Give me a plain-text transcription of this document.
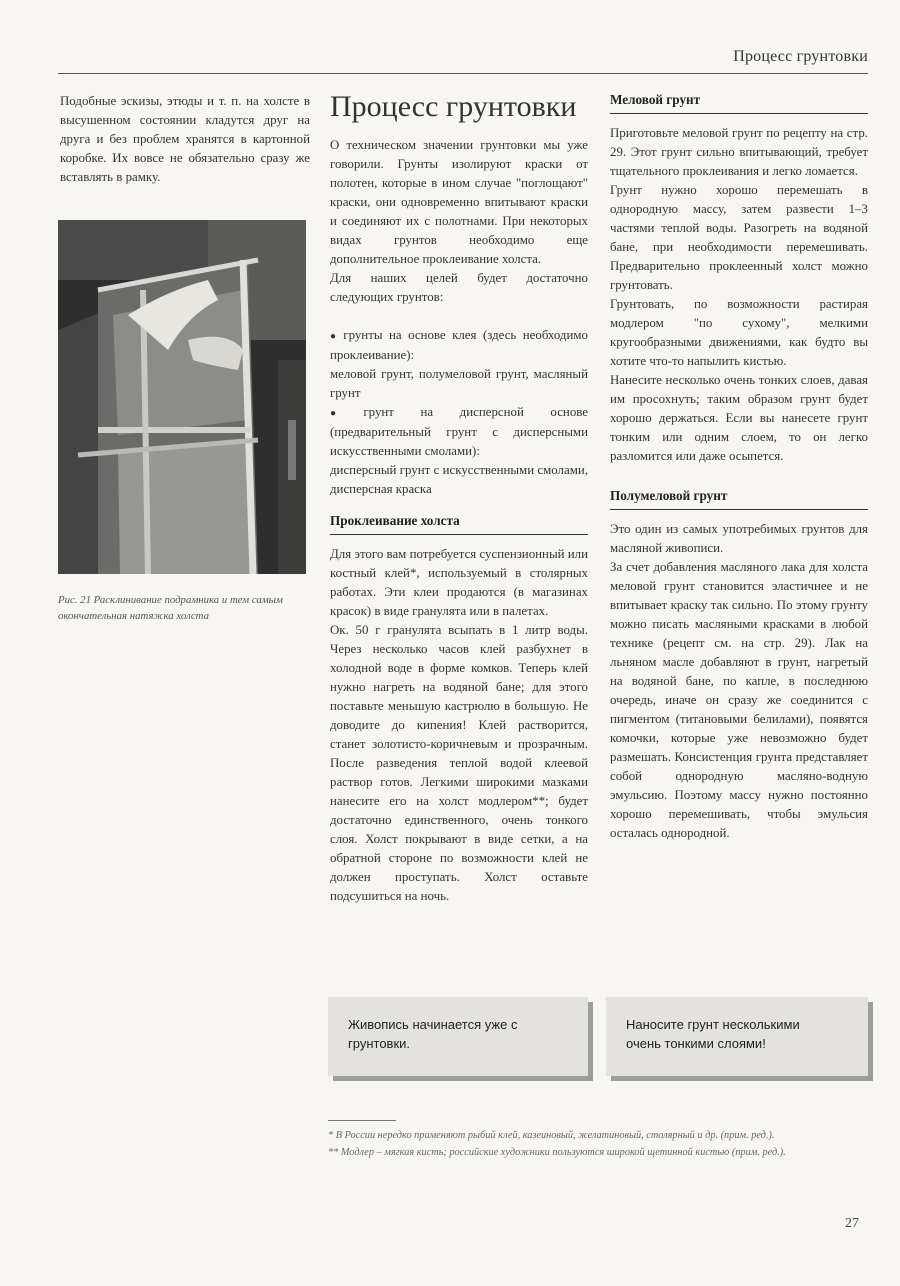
Процесс грунтовки

Подобные эскизы, этюды и т. п. на холсте в высушенном состоянии кладутся друг на друга и без проблем хранятся в картонной коробке. Их вовсе не обязательно сразу же вставлять в рамку.

Рис. 21 Расклинивание подрамника и тем самым окончательная натяжка холста
Процесс грунтовки

О техническом значении грунтовки мы уже говорили. Грунты изолируют краски от полотен, которые в ином случае "поглощают" краски, они одновременно впитывают краски и соединяют их с полотнами. При некоторых видах грунтов необходимо еще дополнительное проклеивание холста.

Для наших целей будет достаточно следующих грунтов:

● грунты на основе клея (здесь необходимо проклеивание):

меловой грунт, полумеловой грунт, масляный грунт

● грунт на дисперсной основе (предварительный грунт с дисперсными искусственными смолами):

дисперсный грунт с искусственными смолами, дисперсная краска

Проклеивание холста

Для этого вам потребуется суспензионный или костный клей*, используемый в столярных работах. Эти клеи продаются (в магазинах красок) в виде гранулята или в палетах.

Ок. 50 г гранулята всыпать в 1 литр воды. Через несколько часов клей разбухнет в холодной воде в форме комков. Теперь клей нужно нагреть на водяной бане; для этого поставьте меньшую кастрюлю в большую. Не доводите до кипения! Клей растворится, станет золотисто-коричневым и прозрачным. После разведения теплой водой клеевой раствор готов. Легкими широкими мазками нанесите его на холст модлером**; будет достаточно единственного, очень тонкого слоя. Холст покрывают в виде сетки, а на обратной стороне по возможности клей не должен проступать. Холст оставьте подсушиться на ночь.

Меловой грунт

Приготовьте меловой грунт по рецепту на стр. 29. Этот грунт сильно впитывающий, требует тщательного проклеивания и легко ломается.

Грунт нужно хорошо перемешать в однородную массу, затем развести 1–3 частями теплой воды. Разогреть на водяной бане, при необходимости перемешивать. Предварительно проклеенный холст можно грунтовать.

Грунтовать, по возможности растирая модлером "по сухому", мелкими кругообразными движениями, как будто вы хотите что-то напылить кистью.

Нанесите несколько очень тонких слоев, давая им просохнуть; таким образом грунт будет хорошо держаться. Если вы нанесете грунт тонким или одним слоем, то он легко разломится или даже осыпется.

Полумеловой грунт

Это один из самых употребимых грунтов для масляной живописи.

За счет добавления масляного лака для холста меловой грунт становится эластичнее и не впитывает краску так сильно. По этому грунту можно писать масляными красками в любой технике (рецепт см. на стр. 29). Лак на льняном масле добавляют в грунт, нагретый на водяной бане, по капле, в последнюю очередь, иначе он сразу же соединится с пигментом (титановыми белилами), появятся комочки, которые уже невозможно будет размешать. Консистенция грунта представляет собой однородную масляно-водную эмульсию. Поэтому массу нужно постоянно хорошо перемешивать, чтобы эмульсия осталась однородной.

Живопись начинается уже с грунтовки.

Наносите грунт несколькими очень тонкими слоями!

* В России нередко применяют рыбий клей, казеиновый, желатиновый, столярный и др. (прим. ред.).

** Модлер – мягкая кисть; российские художники пользуются широкой щетинной кистью (прим. ред.).

27
